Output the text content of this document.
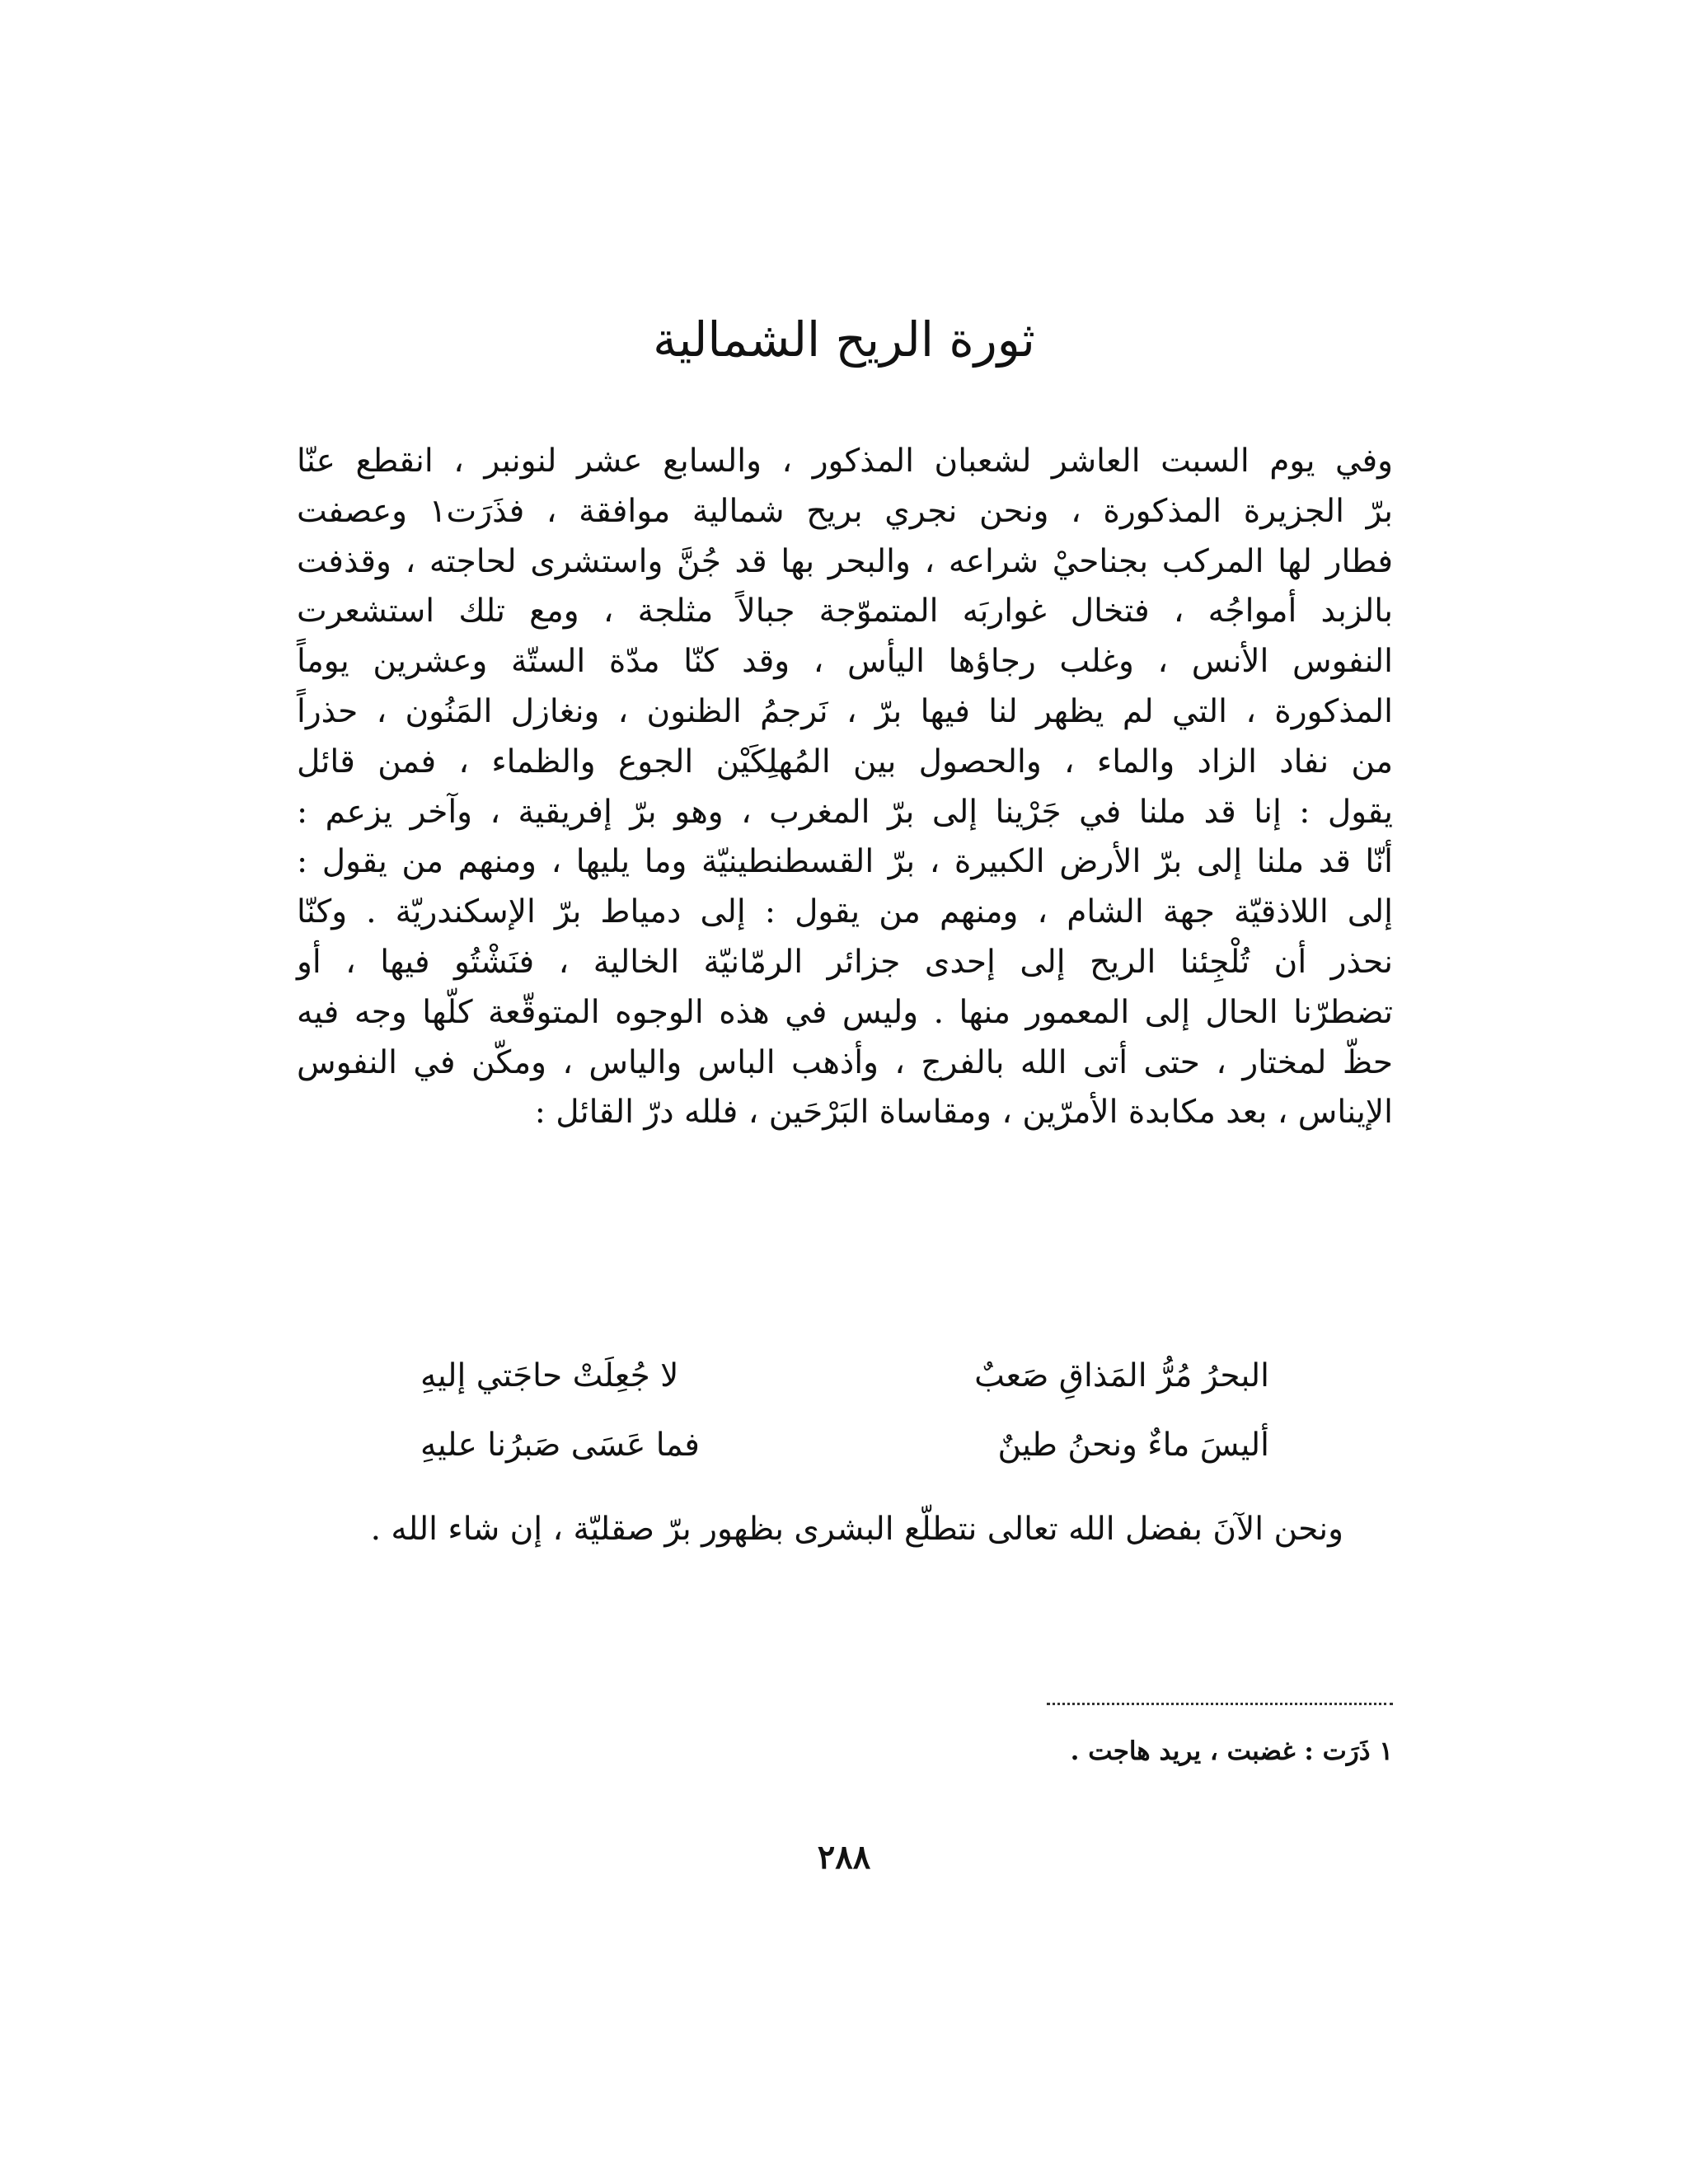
ثورة الريح الشمالية
وفي يوم السبت العاشر لشعبان المذكور ، والسابع عشر لنونبر ، انقطع عنّا
برّ الجزيرة المذكورة ، ونحن نجري بريح شمالية موافقة ، فذَرَت١ وعصفت
فطار لها المركب بجناحيْ شراعه ، والبحر بها قد جُنَّ واستشرى لحاجته ، وقذفت
بالزبد أمواجُه ، فتخال غواربَه المتموّجة جبالاً مثلجة ، ومع تلك استشعرت
النفوس الأنس ، وغلب رجاؤها اليأس ، وقد كنّا مدّة الستّة وعشرين يوماً
المذكورة ، التي لم يظهر لنا فيها برّ ، نَرجمُ الظنون ، ونغازل المَنُون ، حذراً
من نفاد الزاد والماء ، والحصول بين المُهلِكَيْن الجوع والظماء ، فمن قائل
يقول : إنا قد ملنا في جَرْينا إلى برّ المغرب ، وهو برّ إفريقية ، وآخر يزعم :
أنّا قد ملنا إلى برّ الأرض الكبيرة ، برّ القسطنطينيّة وما يليها ، ومنهم من يقول :
إلى اللاذقيّة جهة الشام ، ومنهم من يقول : إلى دمياط برّ الإسكندريّة . وكنّا
نحذر أن تُلْجِئنا الريح إلى إحدى جزائر الرمّانيّة الخالية ، فنَشْتُو فيها ، أو
تضطرّنا الحال إلى المعمور منها . وليس في هذه الوجوه المتوقّعة كلّها وجه فيه
حظّ لمختار ، حتى أتى الله بالفرج ، وأذهب الباس والياس ، ومكّن في النفوس
الإيناس ، بعد مكابدة الأمرّين ، ومقاساة البَرْحَين ، فلله درّ القائل :
البحرُ مُرُّ المَذاقِ صَعبٌ
لا جُعِلَتْ حاجَتي إليهِ
أليسَ ماءٌ ونحنُ طينٌ
فما عَسَى صَبرُنا عليهِ
ونحن الآنَ بفضل الله تعالى نتطلّع البشرى بظهور برّ صقليّة ، إن شاء الله .
١ ذَرَت : غضبت ، يريد هاجت .
٢٨٨
